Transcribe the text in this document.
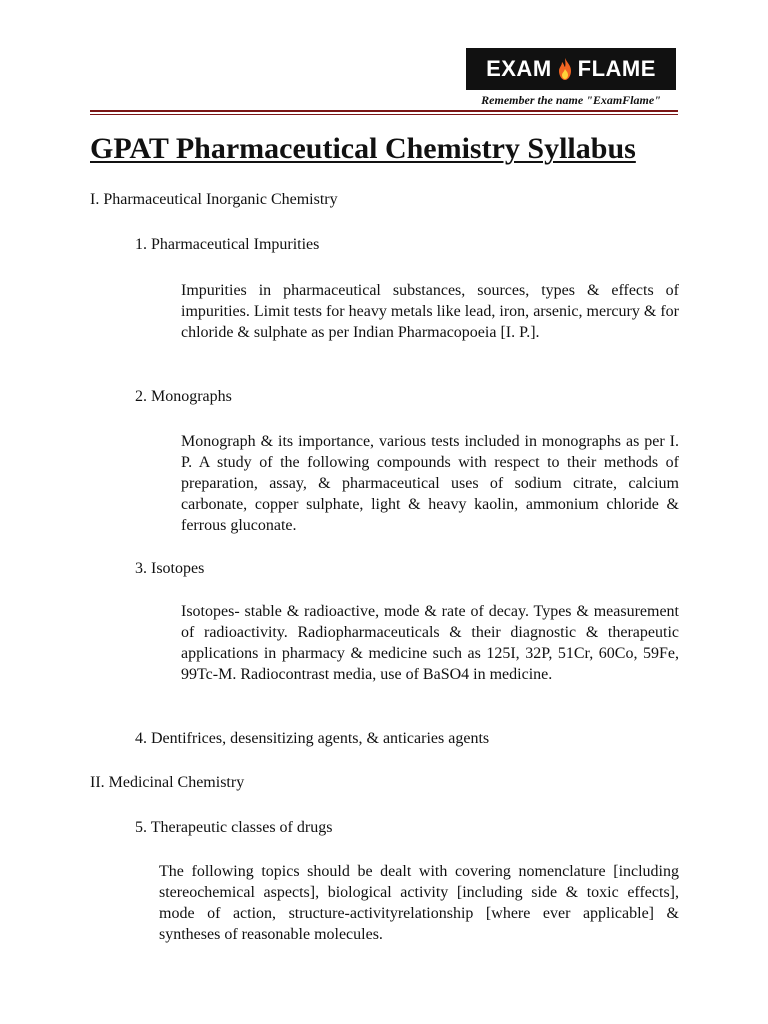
EXAM FLAME
Remember the name "ExamFlame"
GPAT Pharmaceutical Chemistry Syllabus

I. Pharmaceutical Inorganic Chemistry

1. Pharmaceutical Impurities

Impurities in pharmaceutical substances, sources, types & effects of impurities. Limit tests for heavy metals like lead, iron, arsenic, mercury & for chloride & sulphate as per Indian Pharmacopoeia [I. P.].

2. Monographs

Monograph & its importance, various tests included in monographs as per I. P. A study of the following compounds with respect to their methods of preparation, assay, & pharmaceutical uses of sodium citrate, calcium carbonate, copper sulphate, light & heavy kaolin, ammonium chloride & ferrous gluconate.

3. Isotopes

Isotopes- stable & radioactive, mode & rate of decay. Types & measurement of radioactivity. Radiopharmaceuticals & their diagnostic & therapeutic applications in pharmacy & medicine such as 125I, 32P, 51Cr, 60Co, 59Fe, 99Tc-M. Radiocontrast media, use of BaSO4 in medicine.

4. Dentifrices, desensitizing agents, & anticaries agents

II. Medicinal Chemistry

5. Therapeutic classes of drugs

The following topics should be dealt with covering nomenclature [including stereochemical aspects], biological activity [including side & toxic effects], mode of action, structure-activityrelationship [where ever applicable] & syntheses of reasonable molecules.
